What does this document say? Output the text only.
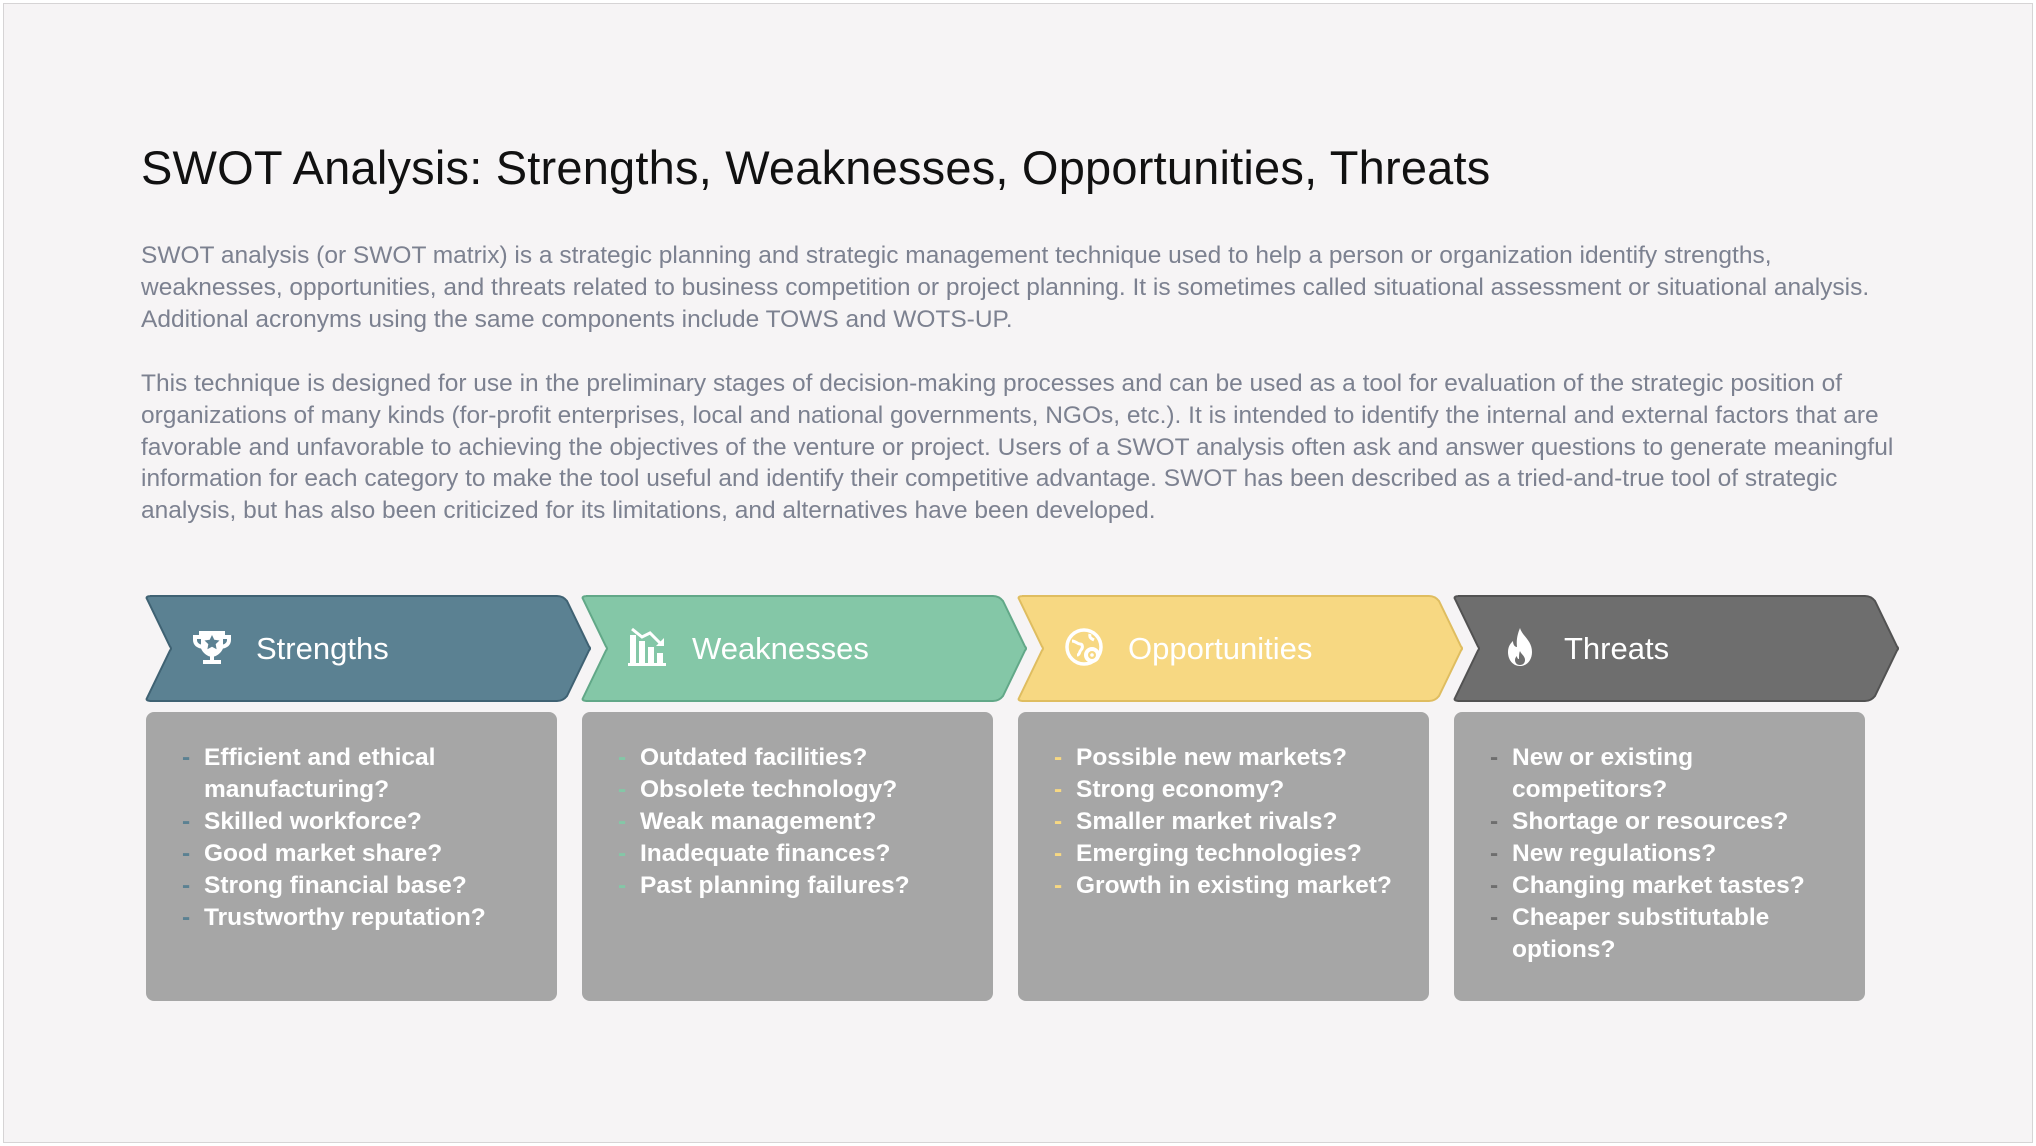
SWOT Analysis: Strengths, Weaknesses, Opportunities, Threats
SWOT analysis (or SWOT matrix) is a strategic planning and strategic management technique used to help a person or organization identify strengths, weaknesses, opportunities, and threats related to business competition or project planning. It is sometimes called situational assessment or situational analysis. Additional acronyms using the same components include TOWS and WOTS-UP.
This technique is designed for use in the preliminary stages of decision-making processes and can be used as a tool for evaluation of the strategic position of organizations of many kinds (for-profit enterprises, local and national governments, NGOs, etc.). It is intended to identify the internal and external factors that are favorable and unfavorable to achieving the objectives of the venture or project. Users of a SWOT analysis often ask and answer questions to generate meaningful information for each category to make the tool useful and identify their competitive advantage. SWOT has been described as a tried-and-true tool of strategic analysis, but has also been criticized for its limitations, and alternatives have been developed.
Strengths
- Efficient and ethical manufacturing?
- Skilled workforce?
- Good market share?
- Strong financial base?
- Trustworthy reputation?
Weaknesses
- Outdated facilities?
- Obsolete technology?
- Weak management?
- Inadequate finances?
- Past planning failures?
Opportunities
- Possible new markets?
- Strong economy?
- Smaller market rivals?
- Emerging technologies?
- Growth in existing market?
Threats
- New or existing competitors?
- Shortage or resources?
- New regulations?
- Changing market tastes?
- Cheaper substitutable options?
